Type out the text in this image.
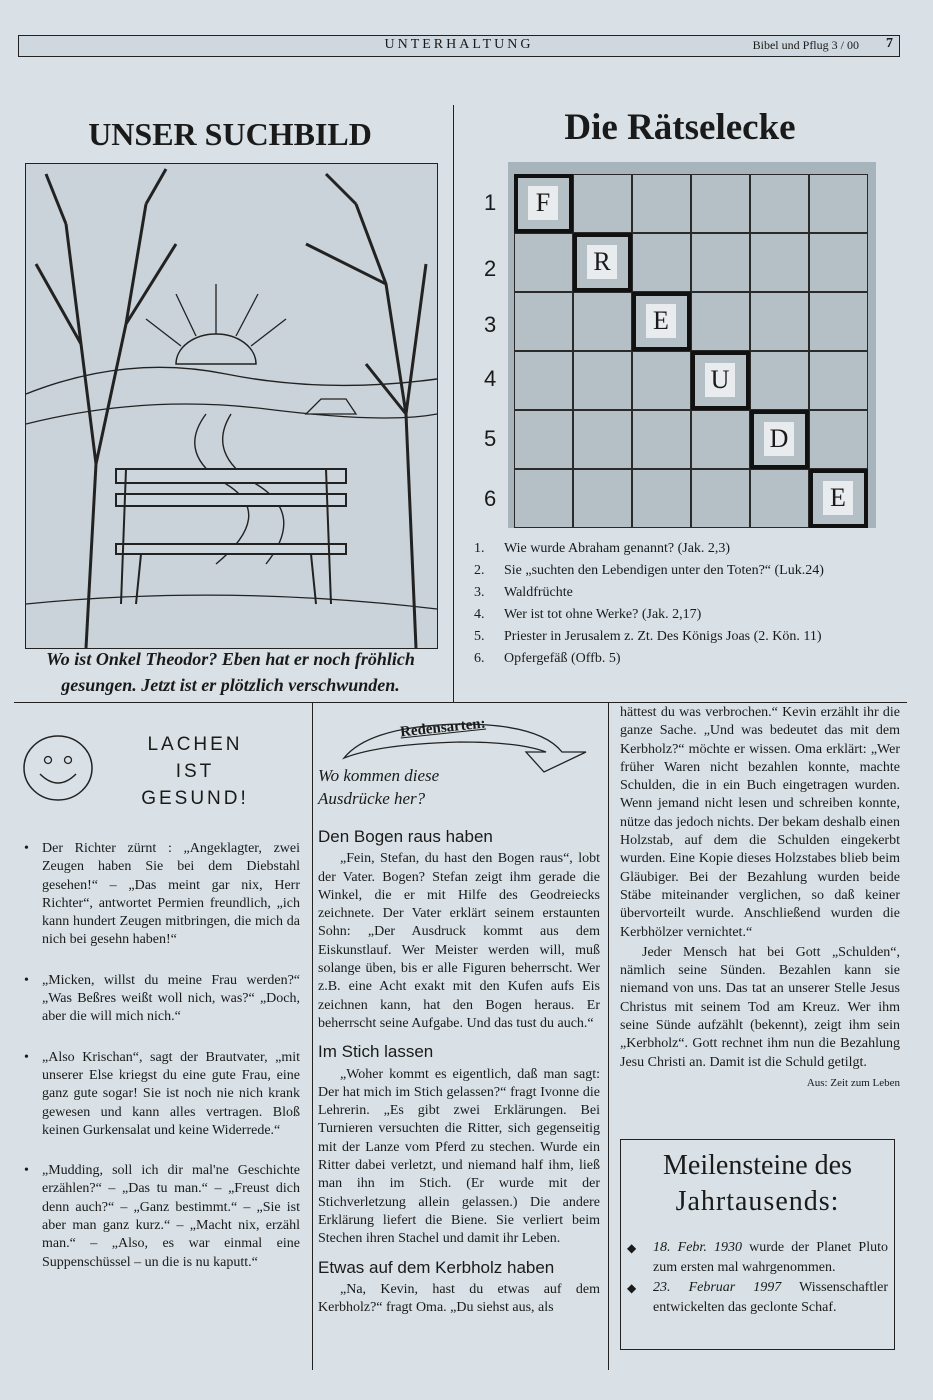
UNTERHALTUNG	Bibel und Pflug 3 / 00 7
UNSER SUCHBILD
Wo ist Onkel Theodor? Eben hat er noch fröhlich
gesungen. Jetzt ist er plötzlich verschwunden.
Die Rätselecke
F
R
E
U
D
E
1
2
3
4
5
6
1. Wie wurde Abraham genannt? (Jak. 2,3)
2. Sie „suchten den Lebendigen unter den Toten?“ (Luk.24)
3. Waldfrüchte
4. Wer ist tot ohne Werke? (Jak. 2,17)
5. Priester in Jerusalem z. Zt. Des Königs Joas (2. Kön. 11)
6. Opfergefäß (Offb. 5)
LACHEN
IST
GESUND!

• Der Richter zürnt : „Angeklagter, zwei Zeugen haben Sie bei dem Diebstahl gesehen!“ – „Das meint gar nix, Herr Richter“, antwortet Permien freundlich, „ich kann hundert Zeugen mitbringen, die mich da nich bei gesehn haben!“

• „Micken, willst du meine Frau werden?“ „Was Beßres weißt woll nich, was?“ „Doch, aber die will mich nich.“

• „Also Krischan“, sagt der Brautvater, „mit unserer Else kriegst du eine gute Frau, eine ganz gute sogar! Sie ist noch nie nich krank gewesen und kann alles vertragen. Bloß keinen Gurkensalat und keine Widerrede.“

• „Mudding, soll ich dir mal'ne Geschichte erzählen?“ – „Das tu man.“ – „Freust dich denn auch?“ – „Ganz bestimmt.“ – „Sie ist aber man ganz kurz.“ – „Macht nix, erzähl man.“ – „Also, es war einmal eine Suppenschüssel – un die is nu kaputt.“

Redensarten:
Wo kommen diese
Ausdrücke her?
Den Bogen raus haben

„Fein, Stefan, du hast den Bogen raus“, lobt der Vater. Bogen? Stefan zeigt ihm gerade die Winkel, die er mit Hilfe des Geodreiecks zeichnete. Der Vater erklärt seinem erstaunten Sohn: „Der Ausdruck kommt aus dem Eiskunstlauf. Wer Meister werden will, muß solange üben, bis er alle Figuren beherrscht. Wer z.B. eine Acht exakt mit den Kufen aufs Eis zeichnen kann, hat den Bogen heraus. Er beherrscht seine Aufgabe. Und das tust du auch.“

Im Stich lassen

„Woher kommt es eigentlich, daß man sagt: Der hat mich im Stich gelassen?“ fragt Ivonne die Lehrerin. „Es gibt zwei Erklärungen. Bei Turnieren versuchten die Ritter, sich gegenseitig mit der Lanze vom Pferd zu stechen. Wurde ein Ritter dabei verletzt, und niemand half ihm, ließ man ihn im Stich. (Er wurde mit der Stichverletzung allein gelassen.) Die andere Erklärung liefert die Biene. Sie verliert beim Stechen ihren Stachel und damit ihr Leben.

Etwas auf dem Kerbholz haben

„Na, Kevin, hast du etwas auf dem Kerbholz?“ fragt Oma. „Du siehst aus, als

hättest du was verbrochen.“ Kevin erzählt ihr die ganze Sache. „Und was bedeutet das mit dem Kerbholz?“ möchte er wissen. Oma erklärt: „Wer früher Waren nicht bezahlen konnte, machte Schulden, die in ein Buch eingetragen wurden. Wenn jemand nicht lesen und schreiben konnte, nütze das jedoch nichts. Der bekam deshalb einen Holzstab, auf dem die Schulden eingekerbt wurden. Eine Kopie dieses Holzstabes blieb beim Gläubiger. Bei der Bezahlung wurden beide Stäbe miteinander verglichen, so daß keiner übervorteilt wurde. Anschließend wurden die Kerbhölzer vernichtet.“

Jeder Mensch hat bei Gott „Schulden“, nämlich seine Sünden. Bezahlen kann sie niemand von uns. Das tat an unserer Stelle Jesus Christus mit seinem Tod am Kreuz. Wer ihm seine Sünde aufzählt (bekennt), zeigt ihm sein „Kerbholz“. Gott rechnet ihm nun die Bezahlung Jesu Christi an. Damit ist die Schuld getilgt.

Aus: Zeit zum Leben
Meilensteine des
Jahrtausends:
◆ 18. Febr. 1930 wurde der Planet Pluto zum ersten mal wahrgenommen.
◆ 23. Februar 1997 Wissenschaftler entwickelten das geclonte Schaf.
